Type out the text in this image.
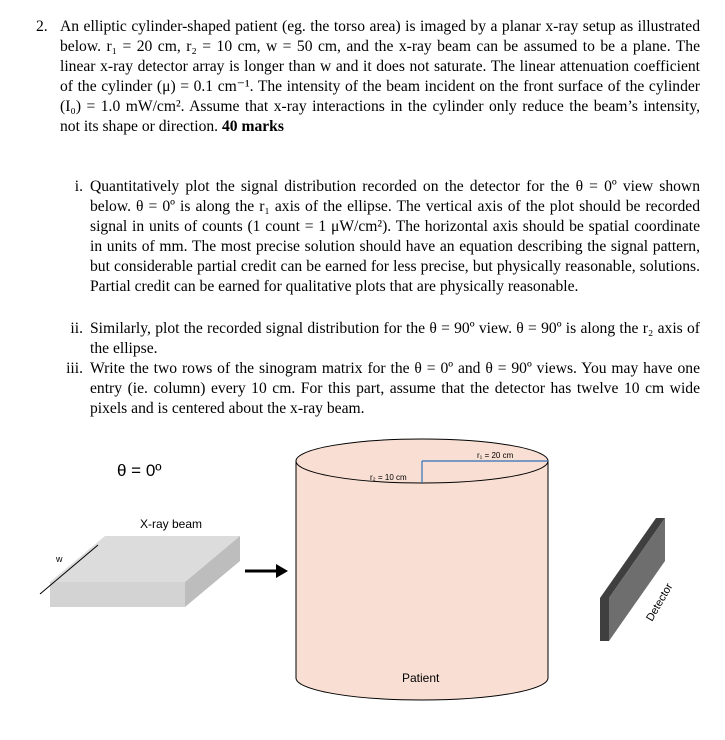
2. An elliptic cylinder-shaped patient (eg. the torso area) is imaged by a planar x-ray setup as illustrated below. r₁ = 20 cm, r₂ = 10 cm, w = 50 cm, and the x-ray beam can be assumed to be a plane. The linear x-ray detector array is longer than w and it does not saturate. The linear attenuation coefficient of the cylinder (μ) = 0.1 cm⁻¹. The intensity of the beam incident on the front surface of the cylinder (I₀) = 1.0 mW/cm². Assume that x-ray interactions in the cylinder only reduce the beam’s intensity, not its shape or direction. 40 marks
i. Quantitatively plot the signal distribution recorded on the detector for the θ = 0º view shown below. θ = 0º is along the r₁ axis of the ellipse. The vertical axis of the plot should be recorded signal in units of counts (1 count = 1 μW/cm²). The horizontal axis should be spatial coordinate in units of mm. The most precise solution should have an equation describing the signal pattern, but considerable partial credit can be earned for less precise, but physically reasonable, solutions. Partial credit can be earned for qualitative plots that are physically reasonable.
ii. Similarly, plot the recorded signal distribution for the θ = 90º view. θ = 90º is along the r₂ axis of the ellipse.
iii. Write the two rows of the sinogram matrix for the θ = 0º and θ = 90º views. You may have one entry (ie. column) every 10 cm. For this part, assume that the detector has twelve 10 cm wide pixels and is centered about the x-ray beam.
θ = 0º
X-ray beam
w
r₁ = 20 cm
r₂ = 10 cm
Patient
Detector
